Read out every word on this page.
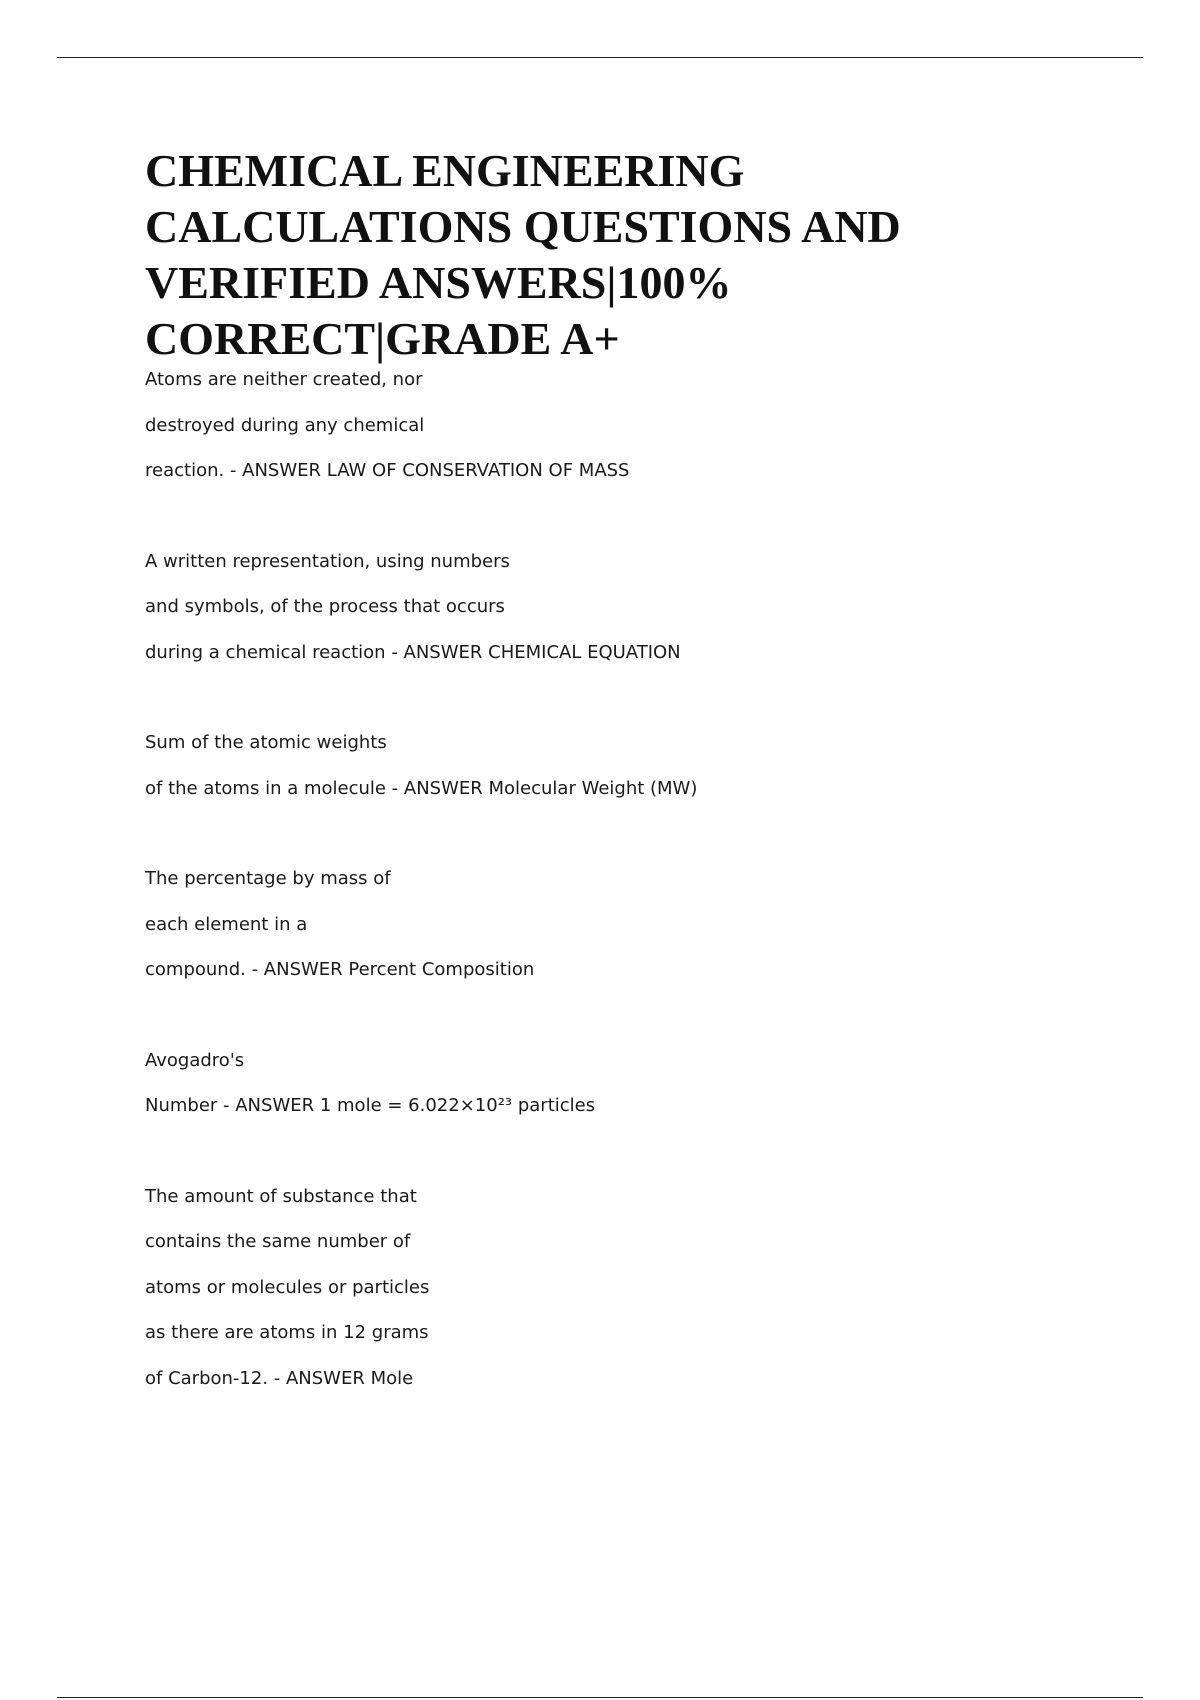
CHEMICAL ENGINEERING
CALCULATIONS QUESTIONS AND
VERIFIED ANSWERS|100%
CORRECT|GRADE A+
Atoms are neither created, nor
destroyed during any chemical
reaction. - ANSWER LAW OF CONSERVATION OF MASS
A written representation, using numbers
and symbols, of the process that occurs
during a chemical reaction - ANSWER CHEMICAL EQUATION
Sum of the atomic weights
of the atoms in a molecule - ANSWER Molecular Weight (MW)
The percentage by mass of
each element in a
compound. - ANSWER Percent Composition
Avogadro's
Number - ANSWER 1 mole = 6.022×10²³ particles
The amount of substance that
contains the same number of
atoms or molecules or particles
as there are atoms in 12 grams
of Carbon-12. - ANSWER Mole
